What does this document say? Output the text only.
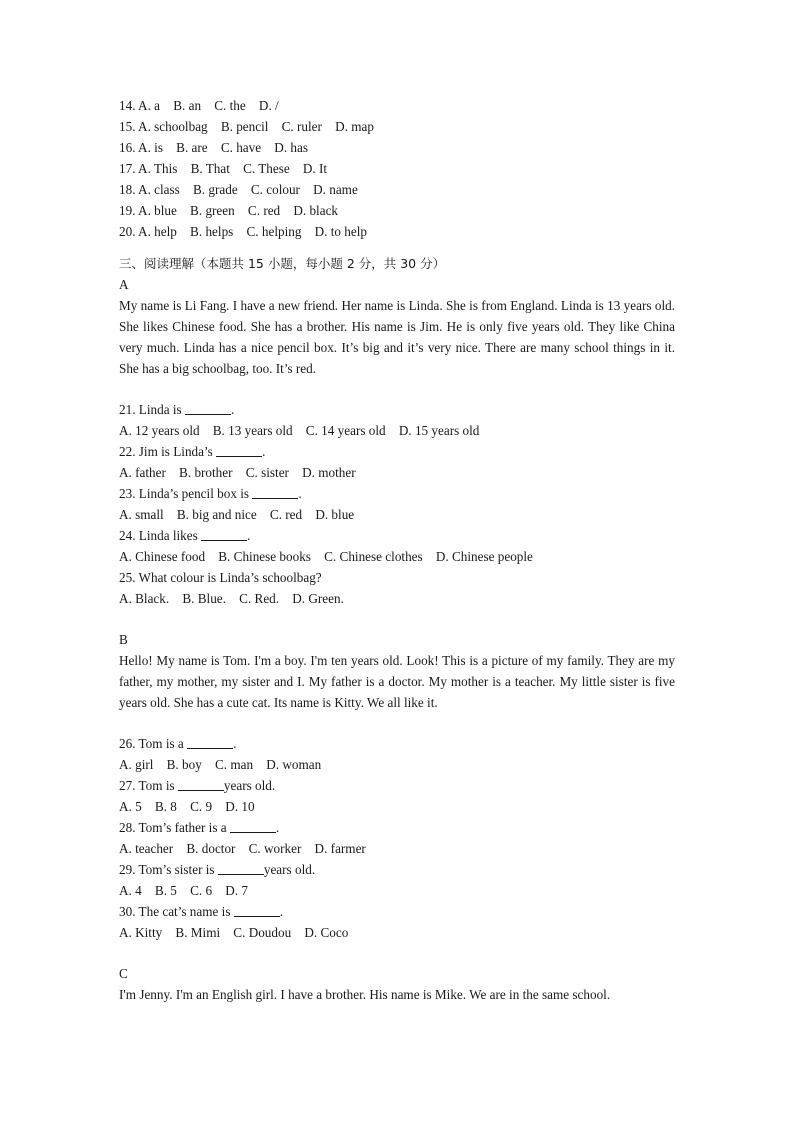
14. A. a    B. an    C. the    D. /
15. A. schoolbag    B. pencil    C. ruler    D. map
16. A. is    B. are    C. have    D. has
17. A. This    B. That    C. These    D. It
18. A. class    B. grade    C. colour    D. name
19. A. blue    B. green    C. red    D. black
20. A. help    B. helps    C. helping    D. to help
三、阅读理解（本题共 15 小题，每小题 2 分，共 30 分）
A
My name is Li Fang. I have a new friend. Her name is Linda. She is from England. Linda is 13 years old. She likes Chinese food. She has a brother. His name is Jim. He is only five years old. They like China very much. Linda has a nice pencil box. It’s big and it’s very nice. There are many school things in it. She has a big schoolbag, too. It’s red.
21. Linda is	.
A. 12 years old    B. 13 years old    C. 14 years old    D. 15 years old
22. Jim is Linda’s	.
A. father    B. brother    C. sister    D. mother
23. Linda’s pencil box is	.
A. small    B. big and nice    C. red    D. blue
24. Linda likes	.
A. Chinese food    B. Chinese books    C. Chinese clothes    D. Chinese people
25. What colour is Linda’s schoolbag?
A. Black.    B. Blue.    C. Red.    D. Green.
B
Hello! My name is Tom. I'm a boy. I'm ten years old. Look! This is a picture of my family. They are my father, my mother, my sister and I. My father is a doctor. My mother is a teacher. My little sister is five years old. She has a cute cat. Its name is Kitty. We all like it.
26. Tom is a	.
A. girl    B. boy    C. man    D. woman
27. Tom is	years old.
A. 5    B. 8    C. 9    D. 10
28. Tom’s father is a	.
A. teacher    B. doctor    C. worker    D. farmer
29. Tom’s sister is	years old.
A. 4    B. 5    C. 6    D. 7
30. The cat’s name is	.
A. Kitty    B. Mimi    C. Doudou    D. Coco
C
I'm Jenny. I'm an English girl. I have a brother. His name is Mike. We are in the same school.
